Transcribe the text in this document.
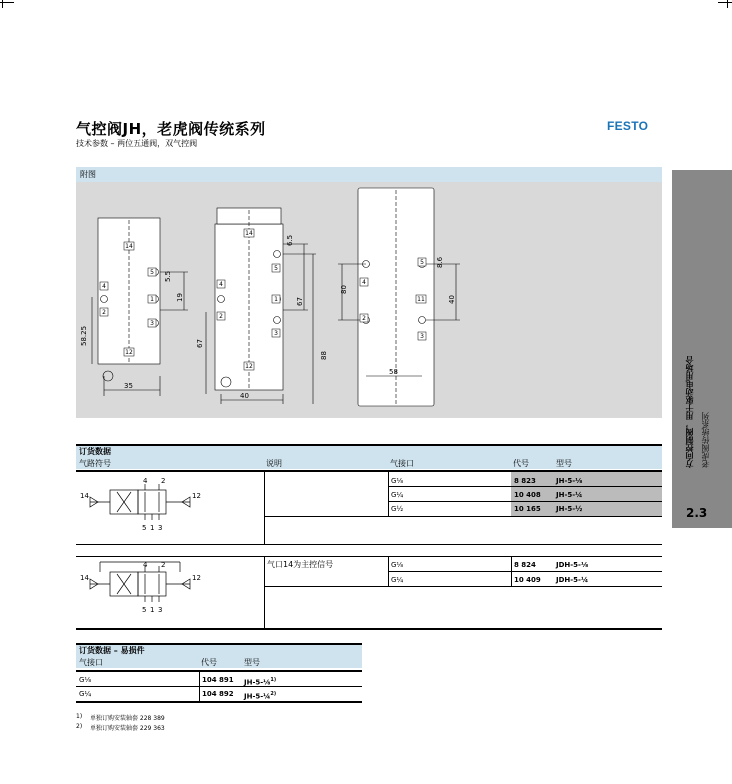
气控阀JH，老虎阀传统系列
技术参数 – 两位五通阀，双气控阀
FESTO
方向控制阀，用于驱动电用场合 老虎阀传统系列
2.3
附图
14
5
1
3
4
2
12
14
5
1
3
4
2
12
5
11
3
4
2
58.25
35
5.5
19
6.5
67
67
40
88
8.6
40
80
58
订货数据
气路符号	说明	气接口	代号	型号
G⅛	8 823	JH-5-⅛
G¼	10 408 JH-5-¼
G½	10 165 JH-5-½
4 2
14	12
5 1 3
气口14为主控信号	G⅛	8 824	JDH-5-⅛
G¼	10 409 JDH-5-¼
4 2
14	12
5 1 3
订货数据 – 易损件
气接口	代号	型号
G⅛	104 891 JH-5-⅛$^{1)}$
G¼	104 892 JH-5-¼$^{2)}$
1) 单独订购安装轴套 228 389
2) 单独订购安装轴套 229 363
